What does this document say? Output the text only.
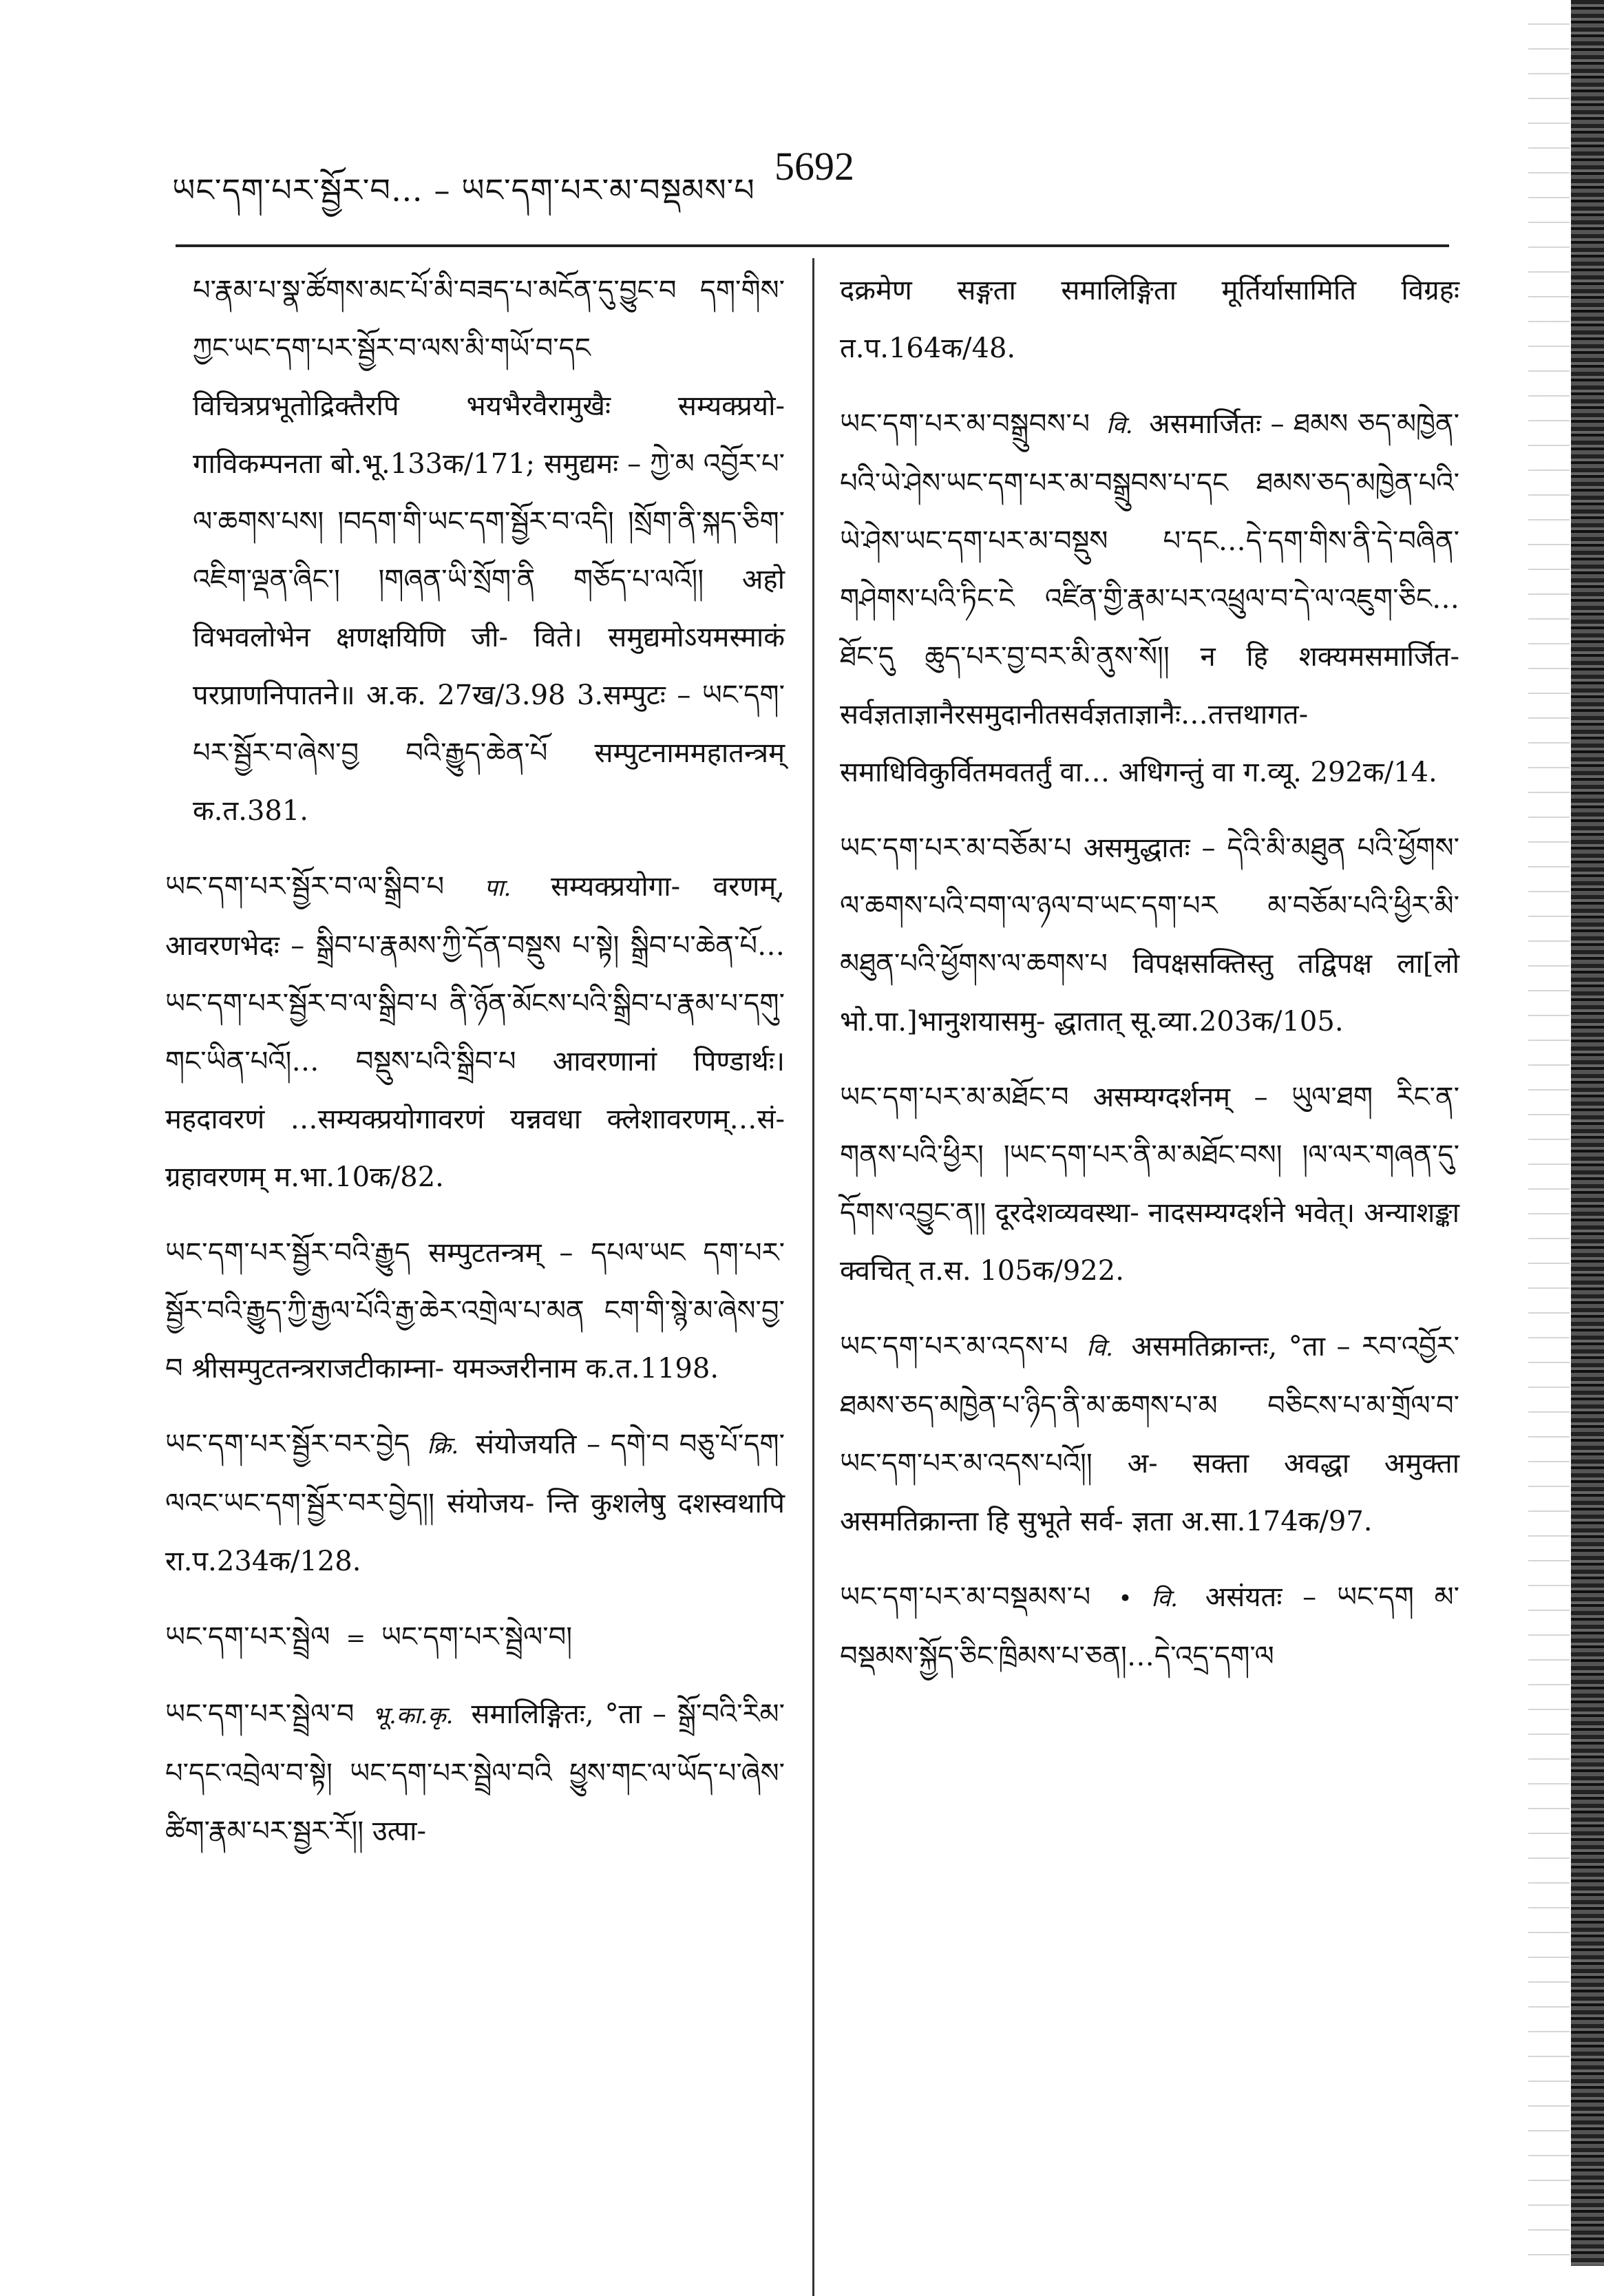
ཡང་དག་པར་སྦྱོར་བ… – ཡང་དག་པར་མ་བསྡམས་པ
5692

པ་རྣམ་པ་སྣ་ཚོགས་མང་པོ་མི་བཟད་པ་མངོན་དུ་བྱུང་བ དག་གིས་ཀྱང་ཡང་དག་པར་སྦྱོར་བ་ལས་མི་གཡོ་བ་དང विचित्रप्रभूतोद्रिक्तैरपि भयभैरवैरामुखैः सम्यक्प्रयो- गाविकम्पनता बो.भू.133क/171; समुद्यमः – ཀྱེ་མ འབྱོར་པ་ལ་ཆགས་པས། །བདག་གི་ཡང་དག་སྦྱོར་བ་འདི། །སྲོག་ནི་སྐད་ཅིག་འཇིག་ལྡན་ཞིང་། །གཞན་ཡི་སྲོག་ནི གཅོད་པ་ལའོ།། अहो विभवलोभेन क्षणक्षयिणि जी- विते। समुद्यमोऽयमस्माकं परप्राणनिपातने॥ अ.क. 27ख/3.98 3.सम्पुटः – ཡང་དག་པར་སྦྱོར་བ་ཞེས་བྱ བའི་རྒྱུད་ཆེན་པོ सम्पुटनाममहातन्त्रम् क.त.381.

ཡང་དག་པར་སྦྱོར་བ་ལ་སྒྲིབ་པ पा. सम्यक्प्रयोगा- वरणम्, आवरणभेदः – སྒྲིབ་པ་རྣམས་ཀྱི་དོན་བསྡུས པ་སྟེ། སྒྲིབ་པ་ཆེན་པོ…ཡང་དག་པར་སྦྱོར་བ་ལ་སྒྲིབ་པ ནི་ཉོན་མོངས་པའི་སྒྲིབ་པ་རྣམ་པ་དགུ་གང་ཡིན་པའོ།… བསྡུས་པའི་སྒྲིབ་པ आवरणानां पिण्डार्थः। महदावरणं …सम्यक्प्रयोगावरणं यन्नवधा क्लेशावरणम्…सं- ग्रहावरणम् म.भा.10क/82.

ཡང་དག་པར་སྦྱོར་བའི་རྒྱུད सम्पुटतन्त्रम् – དཔལ་ཡང དག་པར་སྦྱོར་བའི་རྒྱུད་ཀྱི་རྒྱལ་པོའི་རྒྱ་ཆེར་འགྲེལ་པ་མན ངག་གི་སྙེ་མ་ཞེས་བྱ་བ श्रीसम्पुटतन्त्रराजटीकाम्ना- यमञ्जरीनाम क.त.1198.

ཡང་དག་པར་སྦྱོར་བར་བྱེད क्रि. संयोजयति – དགེ་བ བཅུ་པོ་དག་ལའང་ཡང་དག་སྦྱོར་བར་བྱེད།། संयोजय- न्ति कुशलेषु दशस्वथापि रा.प.234क/128.

ཡང་དག་པར་སྦྲེལ = ཡང་དག་པར་སྦྲེལ་བ།

ཡང་དག་པར་སྦྲེལ་བ भू.का.कृ. समालिङ्गितः, °ता – སྒྲོ་བའི་རིམ་པ་དང་འབྲེལ་བ་སྟེ། ཡང་དག་པར་སྦྲེལ་བའི ཕྱུས་གང་ལ་ཡོད་པ་ཞེས་ཚིག་རྣམ་པར་སྦྱར་རོ།། उत्पा-

दक्रमेण सङ्गता समालिङ्गिता मूर्तिर्यासामिति विग्रहः त.प.164क/48.

ཡང་དག་པར་མ་བསྒྲུབས་པ वि. असमार्जितः – ཐམས ཅད་མཁྱེན་པའི་ཡེ་ཤེས་ཡང་དག་པར་མ་བསྒྲུབས་པ་དང ཐམས་ཅད་མཁྱེན་པའི་ཡེ་ཤེས་ཡང་དག་པར་མ་བསྡུས པ་དང…དེ་དག་གིས་ནི་དེ་བཞིན་གཤེགས་པའི་ཏིང་ངེ འཛིན་གྱི་རྣམ་པར་འཕྲུལ་བ་དེ་ལ་འཇུག་ཅིང…ཐོང་དུ ཆུད་པར་བྱ་བར་མི་ནུས་སོ།། न हि शक्यमसमार्जित- सर्वज्ञताज्ञानैरसमुदानीतसर्वज्ञताज्ञानैः…तत्तथागत- समाधिविकुर्वितमवतर्तुं वा… अधिगन्तुं वा ग.व्यू. 292क/14.

ཡང་དག་པར་མ་བཅོམ་པ असमुद्धातः – དེའི་མི་མཐུན པའི་ཕྱོགས་ལ་ཆགས་པའི་བག་ལ་ཉལ་བ་ཡང་དག་པར མ་བཅོམ་པའི་ཕྱིར་མི་མཐུན་པའི་ཕྱོགས་ལ་ཆགས་པ विपक्षसक्तिस्तु तद्विपक्ष ला[लो भो.पा.]भानुशयासमु- द्धातात् सू.व्या.203क/105.

ཡང་དག་པར་མ་མཐོང་བ असम्यग्दर्शनम् – ཡུལ་ཐག རིང་ན་གནས་པའི་ཕྱིར། །ཡང་དག་པར་ནི་མ་མཐོང་བས། །ལ་ལར་གཞན་དུ་དོགས་འབྱུང་ན།། दूरदेशव्यवस्था- नादसम्यग्दर्शने भवेत्। अन्याशङ्का क्वचित् त.स. 105क/922.

ཡང་དག་པར་མ་འདས་པ वि. असमतिक्रान्तः, °ता – རབ་འབྱོར་ཐམས་ཅད་མཁྱེན་པ་ཉིད་ནི་མ་ཆགས་པ་མ བཅིངས་པ་མ་གྲོལ་བ་ཡང་དག་པར་མ་འདས་པའོ།། अ- सक्ता अवद्धा अमुक्ता असमतिक्रान्ता हि सुभूते सर्व- ज्ञता अ.सा.174क/97.

ཡང་དག་པར་མ་བསྡམས་པ • वि. असंयतः – ཡང་དག མ་བསྡམས་སྐྱོད་ཅིང་ཁྲིམས་པ་ཅན།…དེ་འདྲ་དག་ལ
